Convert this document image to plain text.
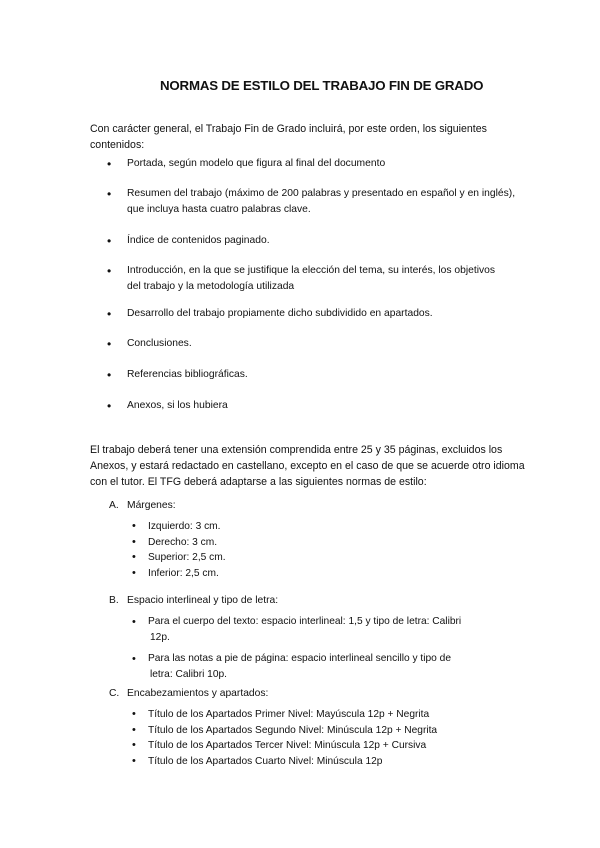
NORMAS DE ESTILO DEL TRABAJO FIN DE GRADO
Con carácter general, el Trabajo Fin de Grado incluirá, por este orden, los siguientes contenidos:
• Portada, según modelo que figura al final del documento
• Resumen del trabajo (máximo de 200 palabras y presentado en español y en inglés), que incluya hasta cuatro palabras clave.
• Índice de contenidos paginado.
• Introducción, en la que se justifique la elección del tema, su interés, los objetivos del trabajo y la metodología utilizada
• Desarrollo del trabajo propiamente dicho subdividido en apartados.
• Conclusiones.
• Referencias bibliográficas.
• Anexos, si los hubiera
El trabajo deberá tener una extensión comprendida entre 25 y 35 páginas, excluidos los Anexos, y estará redactado en castellano, excepto en el caso de que se acuerde otro idioma con el tutor. El TFG deberá adaptarse a las siguientes normas de estilo:
A. Márgenes:
• Izquierdo: 3 cm.
• Derecho: 3 cm.
• Superior: 2,5 cm.
• Inferior: 2,5 cm.
B. Espacio interlineal y tipo de letra:
• Para el cuerpo del texto: espacio interlineal: 1,5 y tipo de letra: Calibri
12p.
• Para las notas a pie de página: espacio interlineal sencillo y tipo de
letra: Calibri 10p.
C. Encabezamientos y apartados:
• Título de los Apartados Primer Nivel: Mayúscula 12p + Negrita
• Título de los Apartados Segundo Nivel: Minúscula 12p + Negrita
• Título de los Apartados Tercer Nivel: Minúscula 12p + Cursiva
• Título de los Apartados Cuarto Nivel: Minúscula 12p
